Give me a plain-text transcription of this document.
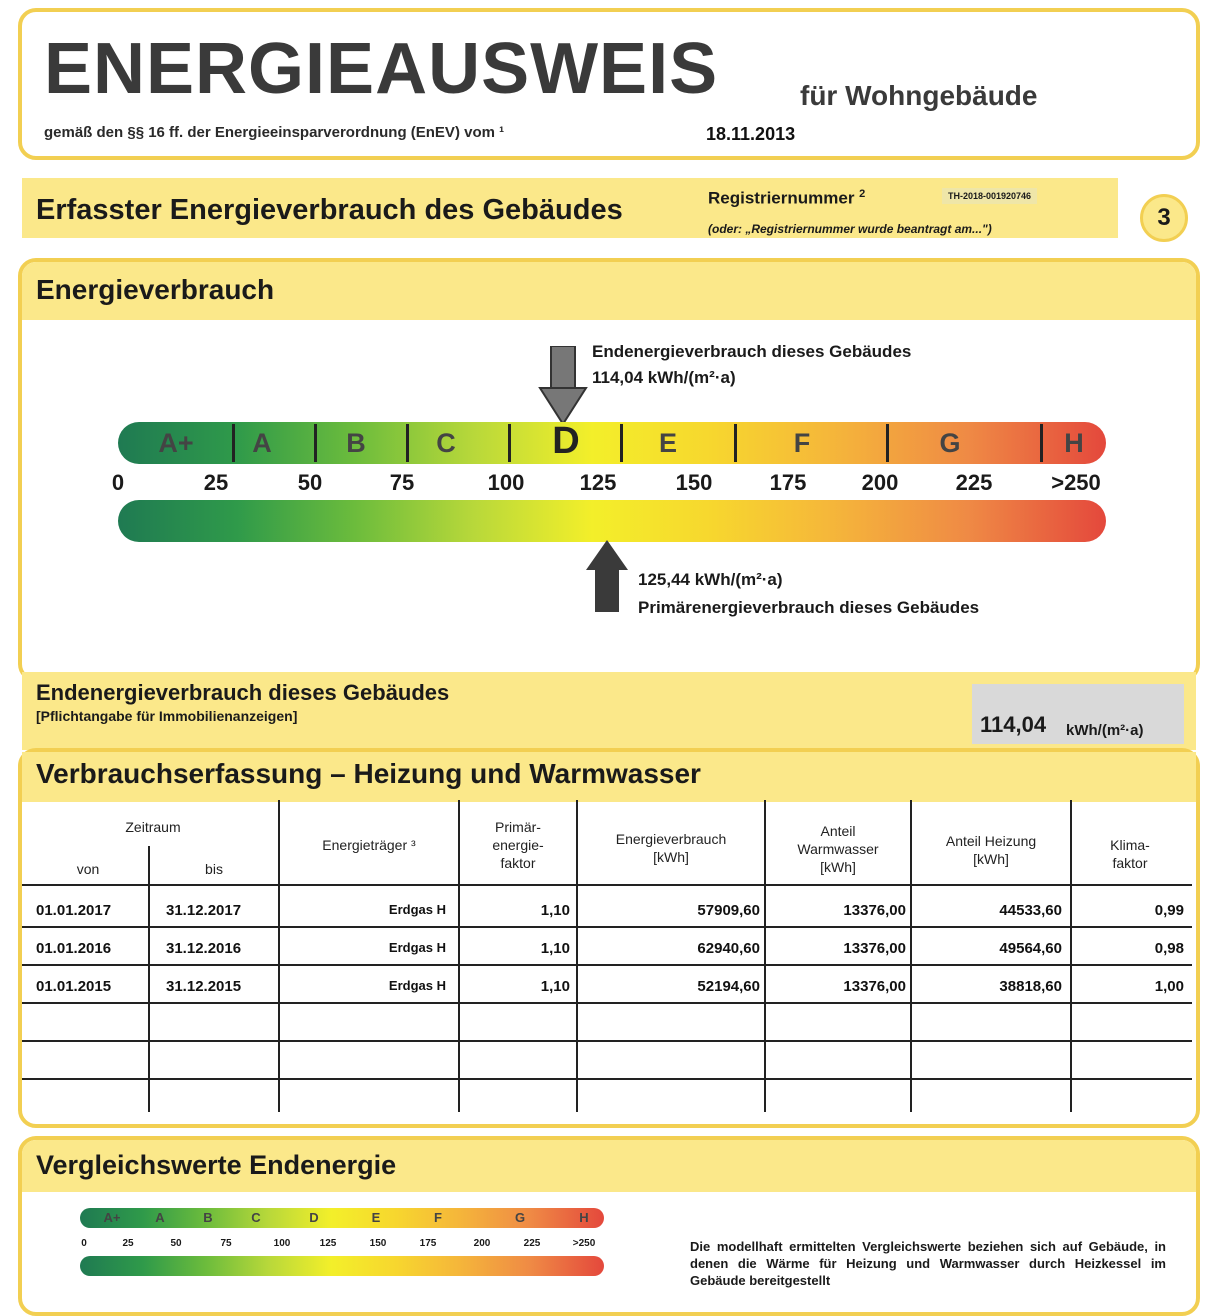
ENERGIEAUSWEIS	für Wohngebäude
gemäß den §§ 16 ff. der Energieeinsparverordnung (EnEV) vom ¹	18.11.2013
Erfasster Energieverbrauch des Gebäudes	Registriernummer $^2$	TH-2018-001920746
(oder: „Registriernummer wurde beantragt am...")	3
Energieverbrauch
Endenergieverbrauch dieses Gebäudes
114,04 kWh/(m²·a)
A+	A	B	C	D	E	F	G	H
0	25	50	75	100	125	150	175	200	225	>250
125,44 kWh/(m²·a)
Primärenergieverbrauch dieses Gebäudes
Endenergieverbrauch dieses Gebäudes
[Pflichtangabe für Immobilienanzeigen]	114,04 kWh/(m²·a)
Verbrauchserfassung – Heizung und Warmwasser
Zeitraum
von	bis
Energieträger ³
Primär-
energie-
faktor
Energieverbrauch
[kWh]
Anteil
Warmwasser
[kWh]
Anteil Heizung
[kWh]
Klima-
faktor
01.01.2017	31.12.2017	Erdgas H	1,10	57909,60	13376,00	44533,60	0,99
01.01.2016	31.12.2016	Erdgas H	1,10	62940,60	13376,00	49564,60	0,98
01.01.2015	31.12.2015	Erdgas H	1,10	52194,60	13376,00	38818,60	1,00
Vergleichswerte Endenergie
A+	A	B	C	D	E	F	G	H
0	25	50	75	100	125	150	175	200	225	>250	Die modellhaft ermittelten Vergleichswerte beziehen sich auf Gebäude, in denen die Wärme für Heizung und Warmwasser durch Heizkessel im Gebäude bereitgestellt
